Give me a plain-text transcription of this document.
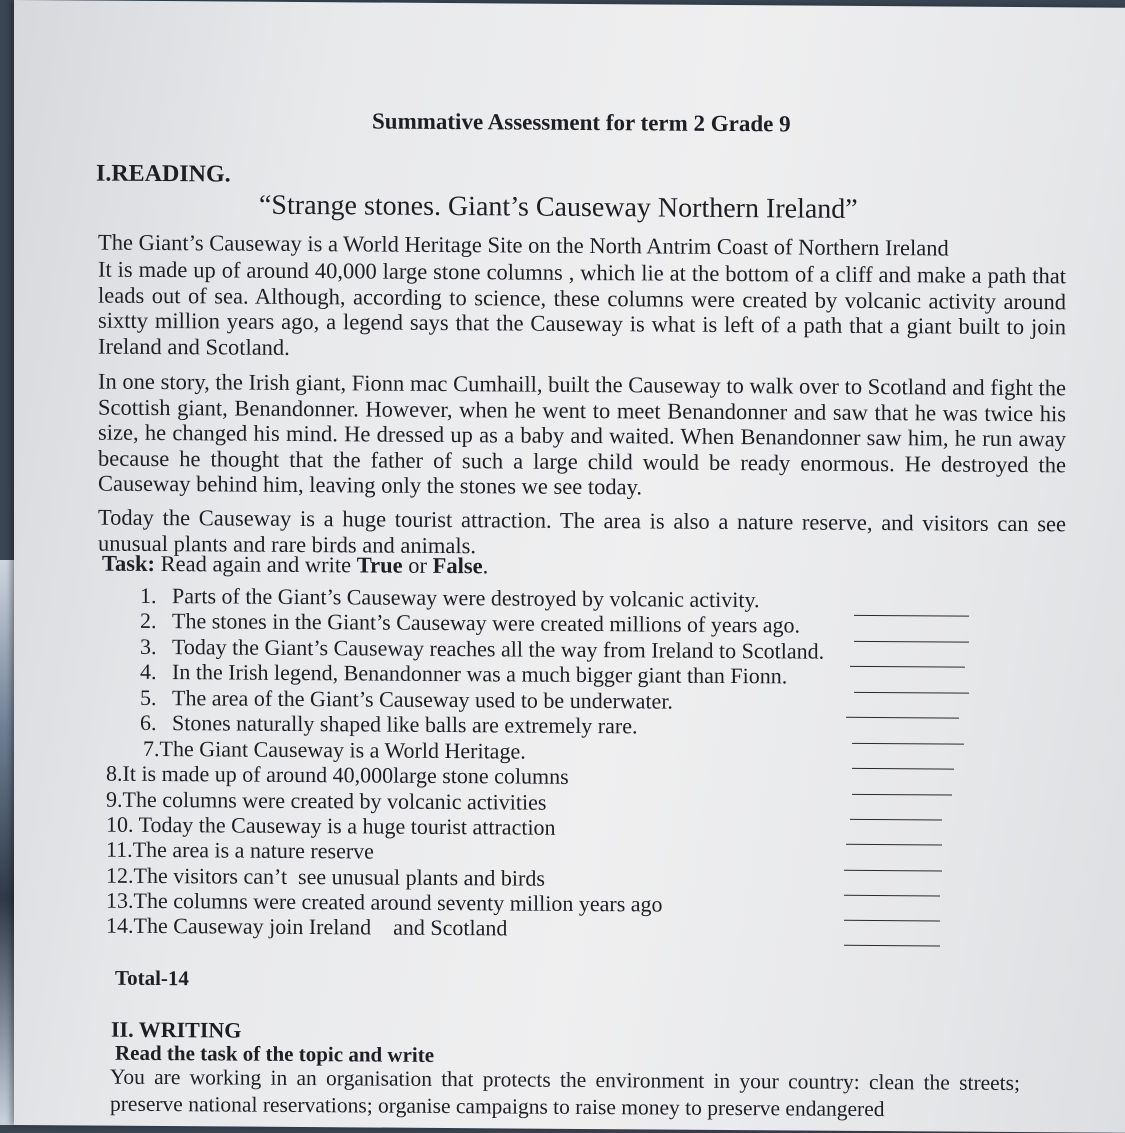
Summative Assessment for term 2 Grade 9
I.READING.
“Strange stones. Giant’s Causeway Northern Ireland”
The Giant’s Causeway is a World Heritage Site on the North Antrim Coast of Northern Ireland
It is made up of around 40,000 large stone columns , which lie at the bottom of a cliff and make a path that leads out of sea. Although, according to science, these columns were created by volcanic activity around sixtty million years ago, a legend says that the Causeway is what is left of a path that a giant built to join Ireland and Scotland.
In one story, the Irish giant, Fionn mac Cumhaill, built the Causeway to walk over to Scotland and fight the Scottish giant, Benandonner. However, when he went to meet Benandonner and saw that he was twice his size, he changed his mind. He dressed up as a baby and waited. When Benandonner saw him, he run away because he thought that the father of such a large child would be ready enormous. He destroyed the Causeway behind him, leaving only the stones we see today.
Today the Causeway is a huge tourist attraction. The area is also a nature reserve, and visitors can see unusual plants and rare birds and animals.
Task: Read again and write True or False.
1. Parts of the Giant’s Causeway were destroyed by volcanic activity.
2. The stones in the Giant’s Causeway were created millions of years ago.
3. Today the Giant’s Causeway reaches all the way from Ireland to Scotland.
4. In the Irish legend, Benandonner was a much bigger giant than Fionn.
5. The area of the Giant’s Causeway used to be underwater.
6. Stones naturally shaped like balls are extremely rare.
7.The Giant Causeway is a World Heritage.
8.It is made up of around 40,000large stone columns
9.The columns were created by volcanic activities
10. Today the Causeway is a huge tourist attraction
11.The area is a nature reserve
12.The visitors can’t  see unusual plants and birds
13.The columns were created around seventy million years ago
14.The Causeway join Ireland    and Scotland
Total-14
II. WRITING
Read the task of the topic and write
You are working in an organisation that protects the environment in your country: clean the streets; preserve national reservations; organise campaigns to raise money to preserve endangered
